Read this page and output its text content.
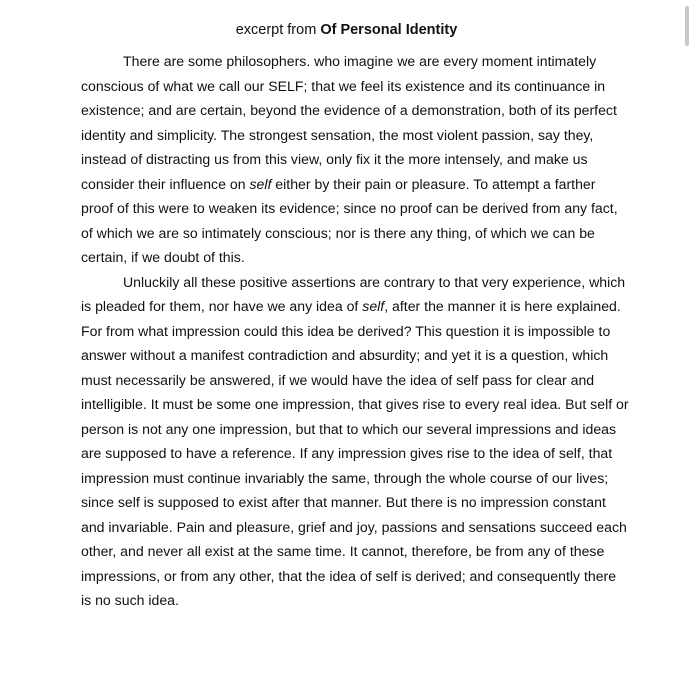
excerpt from Of Personal Identity
There are some philosophers. who imagine we are every moment intimately
conscious of what we call our SELF; that we feel its existence and its continuance in
existence; and are certain, beyond the evidence of a demonstration, both of its perfect
identity and simplicity. The strongest sensation, the most violent passion, say they,
instead of distracting us from this view, only fix it the more intensely, and make us
consider their influence on self either by their pain or pleasure. To attempt a farther
proof of this were to weaken its evidence; since no proof can be derived from any fact,
of which we are so intimately conscious; nor is there any thing, of which we can be
certain, if we doubt of this.
Unluckily all these positive assertions are contrary to that very experience, which
is pleaded for them, nor have we any idea of self, after the manner it is here explained.
For from what impression could this idea be derived? This question it is impossible to
answer without a manifest contradiction and absurdity; and yet it is a question, which
must necessarily be answered, if we would have the idea of self pass for clear and
intelligible. It must be some one impression, that gives rise to every real idea. But self or
person is not any one impression, but that to which our several impressions and ideas
are supposed to have a reference. If any impression gives rise to the idea of self, that
impression must continue invariably the same, through the whole course of our lives;
since self is supposed to exist after that manner. But there is no impression constant
and invariable. Pain and pleasure, grief and joy, passions and sensations succeed each
other, and never all exist at the same time. It cannot, therefore, be from any of these
impressions, or from any other, that the idea of self is derived; and consequently there
is no such idea.
